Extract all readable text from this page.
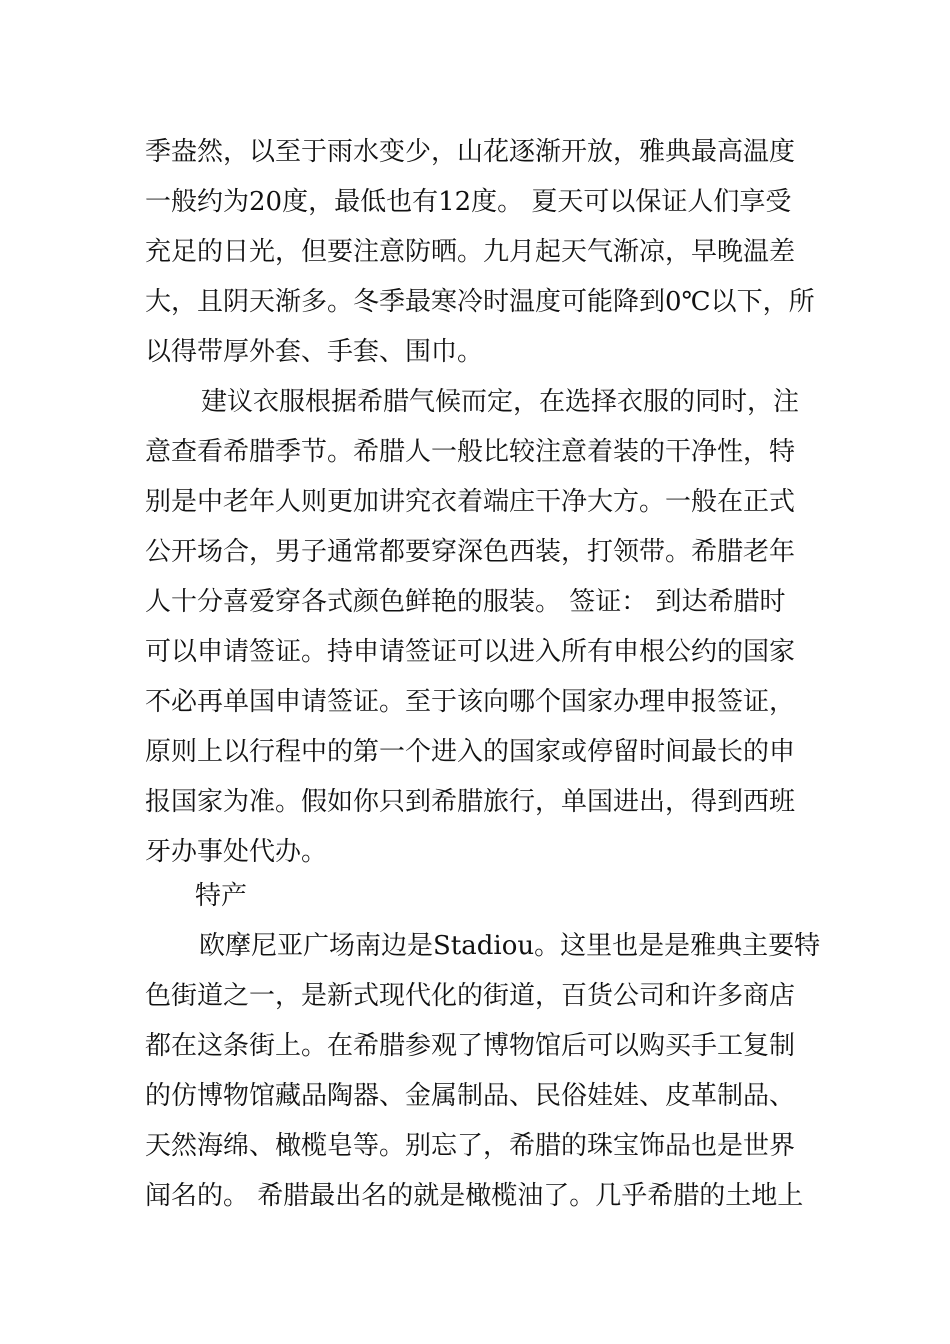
季盎然，以至于雨水变少，山花逐渐开放，雅典最高温度
一般约为20度，最低也有12度。 夏天可以保证人们享受
充足的日光，但要注意防晒。九月起天气渐凉，早晚温差
大，且阴天渐多。冬季最寒冷时温度可能降到0℃以下，所
以得带厚外套、手套、围巾。
建议衣服根据希腊气候而定，在选择衣服的同时，注
意查看希腊季节。希腊人一般比较注意着装的干净性，特
别是中老年人则更加讲究衣着端庄干净大方。一般在正式
公开场合，男子通常都要穿深色西装，打领带。希腊老年
人十分喜爱穿各式颜色鲜艳的服装。 签证： 到达希腊时
可以申请签证。持申请签证可以进入所有申根公约的国家
不必再单国申请签证。至于该向哪个国家办理申报签证，
原则上以行程中的第一个进入的国家或停留时间最长的申
报国家为准。假如你只到希腊旅行，单国进出，得到西班
牙办事处代办。
特产
欧摩尼亚广场南边是Stadiou。这里也是是雅典主要特
色街道之一，是新式现代化的街道，百货公司和许多商店
都在这条街上。在希腊参观了博物馆后可以购买手工复制
的仿博物馆藏品陶器、金属制品、民俗娃娃、皮革制品、
天然海绵、橄榄皂等。别忘了，希腊的珠宝饰品也是世界
闻名的。 希腊最出名的就是橄榄油了。几乎希腊的土地上
